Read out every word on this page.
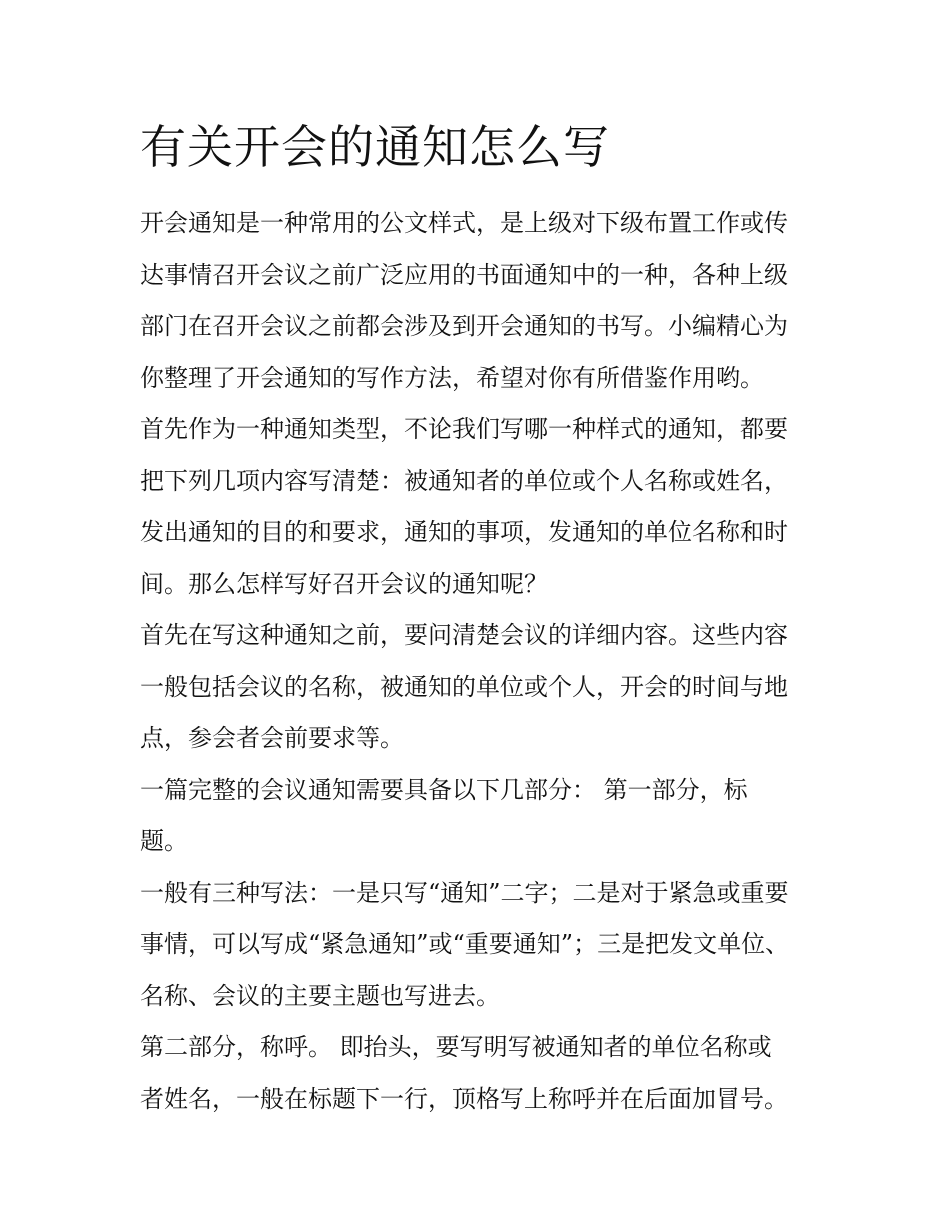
有关开会的通知怎么写

开会通知是一种常用的公文样式，是上级对下级布置工作或传
达事情召开会议之前广泛应用的书面通知中的一种，各种上级
部门在召开会议之前都会涉及到开会通知的书写。小编精心为
你整理了开会通知的写作方法，希望对你有所借鉴作用哟。

首先作为一种通知类型，不论我们写哪一种样式的通知，都要
把下列几项内容写清楚：被通知者的单位或个人名称或姓名，
发出通知的目的和要求，通知的事项，发通知的单位名称和时
间。那么怎样写好召开会议的通知呢？

首先在写这种通知之前，要问清楚会议的详细内容。这些内容
一般包括会议的名称，被通知的单位或个人，开会的时间与地
点，参会者会前要求等。

一篇完整的会议通知需要具备以下几部分： 第一部分，标
题。

一般有三种写法：一是只写“通知”二字；二是对于紧急或重要
事情，可以写成“紧急通知”或“重要通知”；三是把发文单位、
名称、会议的主要主题也写进去。

第二部分，称呼。 即抬头，要写明写被通知者的单位名称或
者姓名，一般在标题下一行，顶格写上称呼并在后面加冒号。
